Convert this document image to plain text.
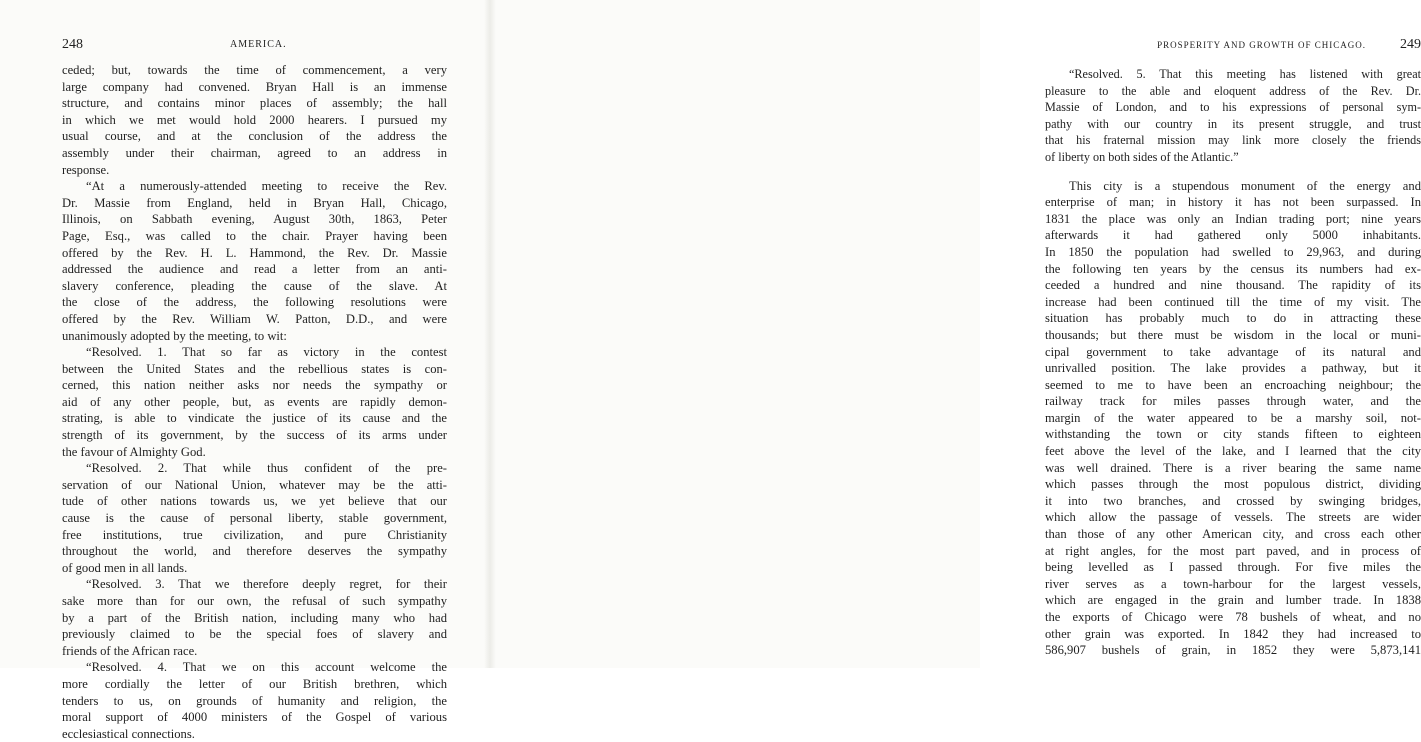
248	AMERICA.
ceded; but, towards the time of commencement, a very
large company had convened. Bryan Hall is an immense
structure, and contains minor places of assembly; the hall
in which we met would hold 2000 hearers. I pursued my
usual course, and at the conclusion of the address the
assembly under their chairman, agreed to an address in
response.
“At a numerously-attended meeting to receive the Rev.
Dr. Massie from England, held in Bryan Hall, Chicago,
Illinois, on Sabbath evening, August 30th, 1863, Peter
Page, Esq., was called to the chair. Prayer having been
offered by the Rev. H. L. Hammond, the Rev. Dr. Massie
addressed the audience and read a letter from an anti-
slavery conference, pleading the cause of the slave. At
the close of the address, the following resolutions were
offered by the Rev. William W. Patton, D.D., and were
unanimously adopted by the meeting, to wit:
“Resolved. 1. That so far as victory in the contest
between the United States and the rebellious states is con-
cerned, this nation neither asks nor needs the sympathy or
aid of any other people, but, as events are rapidly demon-
strating, is able to vindicate the justice of its cause and the
strength of its government, by the success of its arms under
the favour of Almighty God.
“Resolved. 2. That while thus confident of the pre-
servation of our National Union, whatever may be the atti-
tude of other nations towards us, we yet believe that our
cause is the cause of personal liberty, stable government,
free institutions, true civilization, and pure Christianity
throughout the world, and therefore deserves the sympathy
of good men in all lands.
“Resolved. 3. That we therefore deeply regret, for their
sake more than for our own, the refusal of such sympathy
by a part of the British nation, including many who had
previously claimed to be the special foes of slavery and
friends of the African race.
“Resolved. 4. That we on this account welcome the
more cordially the letter of our British brethren, which
tenders to us, on grounds of humanity and religion, the
moral support of 4000 ministers of the Gospel of various
ecclesiastical connections.
PROSPERITY AND GROWTH OF CHICAGO. 249
“Resolved. 5. That this meeting has listened with great
pleasure to the able and eloquent address of the Rev. Dr.
Massie of London, and to his expressions of personal sym-
pathy with our country in its present struggle, and trust
that his fraternal mission may link more closely the friends
of liberty on both sides of the Atlantic.”
This city is a stupendous monument of the energy and
enterprise of man; in history it has not been surpassed. In
1831 the place was only an Indian trading port; nine years
afterwards it had gathered only 5000 inhabitants.
In 1850 the population had swelled to 29,963, and during
the following ten years by the census its numbers had ex-
ceeded a hundred and nine thousand. The rapidity of its
increase had been continued till the time of my visit. The
situation has probably much to do in attracting these
thousands; but there must be wisdom in the local or muni-
cipal government to take advantage of its natural and
unrivalled position. The lake provides a pathway, but it
seemed to me to have been an encroaching neighbour; the
railway track for miles passes through water, and the
margin of the water appeared to be a marshy soil, not-
withstanding the town or city stands fifteen to eighteen
feet above the level of the lake, and I learned that the city
was well drained. There is a river bearing the same name
which passes through the most populous district, dividing
it into two branches, and crossed by swinging bridges,
which allow the passage of vessels. The streets are wider
than those of any other American city, and cross each other
at right angles, for the most part paved, and in process of
being levelled as I passed through. For five miles the
river serves as a town-harbour for the largest vessels,
which are engaged in the grain and lumber trade. In 1838
the exports of Chicago were 78 bushels of wheat, and no
other grain was exported. In 1842 they had increased to
586,907 bushels of grain, in 1852 they were 5,873,141
